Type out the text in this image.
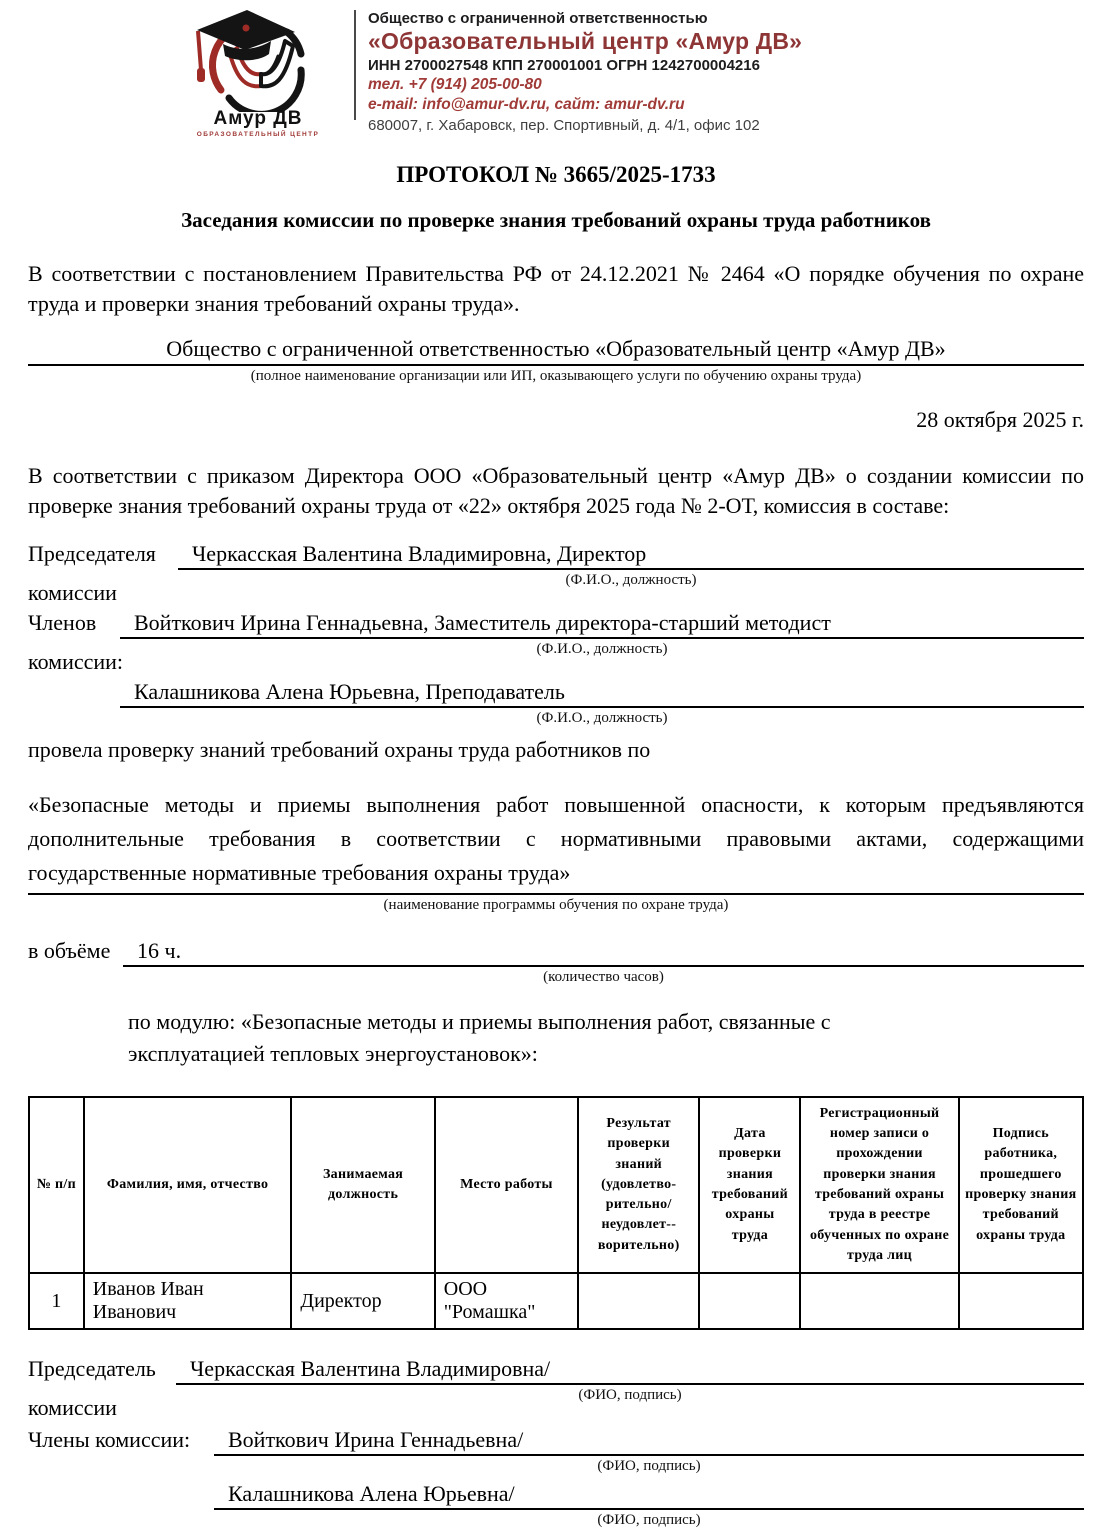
Амур ДВ
ОБРАЗОВАТЕЛЬНЫЙ ЦЕНТР
Общество с ограниченной ответственностью
«Образовательный центр «Амур ДВ»
ИНН 2700027548 КПП 270001001 ОГРН 1242700004216
тел. +7 (914) 205-00-80
e-mail: info@amur-dv.ru, сайт: amur-dv.ru
680007, г. Хабаровск, пер. Спортивный, д. 4/1, офис 102
ПРОТОКОЛ № 3665/2025-1733
Заседания комиссии по проверке знания требований охраны труда работников
В соответствии с постановлением Правительства РФ от 24.12.2021 № 2464 «О порядке обучения по охране труда и проверки знания требований охраны труда».
Общество с ограниченной ответственностью «Образовательный центр «Амур ДВ»
(полное наименование организации или ИП, оказывающего услуги по обучению охраны труда)
28 октября 2025 г.
В соответствии с приказом Директора ООО «Образовательный центр «Амур ДВ» о создании комиссии по проверке знания требований охраны труда от «22» октября 2025 года № 2-ОТ, комиссия в составе:
Председателя
комиссии
Черкасская Валентина Владимировна, Директор
(Ф.И.О., должность)
Членов
комиссии:
Войткович Ирина Геннадьевна, Заместитель директора-старший методист
(Ф.И.О., должность)
Калашникова Алена Юрьевна, Преподаватель
(Ф.И.О., должность)
провела проверку знаний требований охраны труда работников по
«Безопасные методы и приемы выполнения работ повышенной опасности, к которым предъявляются дополнительные требования в соответствии с нормативными правовыми актами, содержащими государственные нормативные требования охраны труда»
(наименование программы обучения по охране труда)
в объёме	16 ч.
(количество часов)
по модулю: «Безопасные методы и приемы выполнения работ, связанные с эксплуатацией тепловых энергоустановок»:
№ п/п	Фамилия, имя, отчество	Занимаемая должность	Место работы	Результат проверки знаний (удовлетво-рительно/ неудовлет-ворительно)	Дата проверки знания требований охраны труда	Регистрационный номер записи о прохождении проверки знания требований охраны труда в реестре обученных по охране труда лиц	Подпись работника, прошедшего проверку знания требований охраны труда
1	Иванов Иван Иванович	Директор	ООО "Ромашка"				
Председатель
комиссии
Черкасская Валентина Владимировна/
(ФИО, подпись)
Члены комиссии:	Войткович Ирина Геннадьевна/
(ФИО, подпись)
Калашникова Алена Юрьевна/
(ФИО, подпись)
